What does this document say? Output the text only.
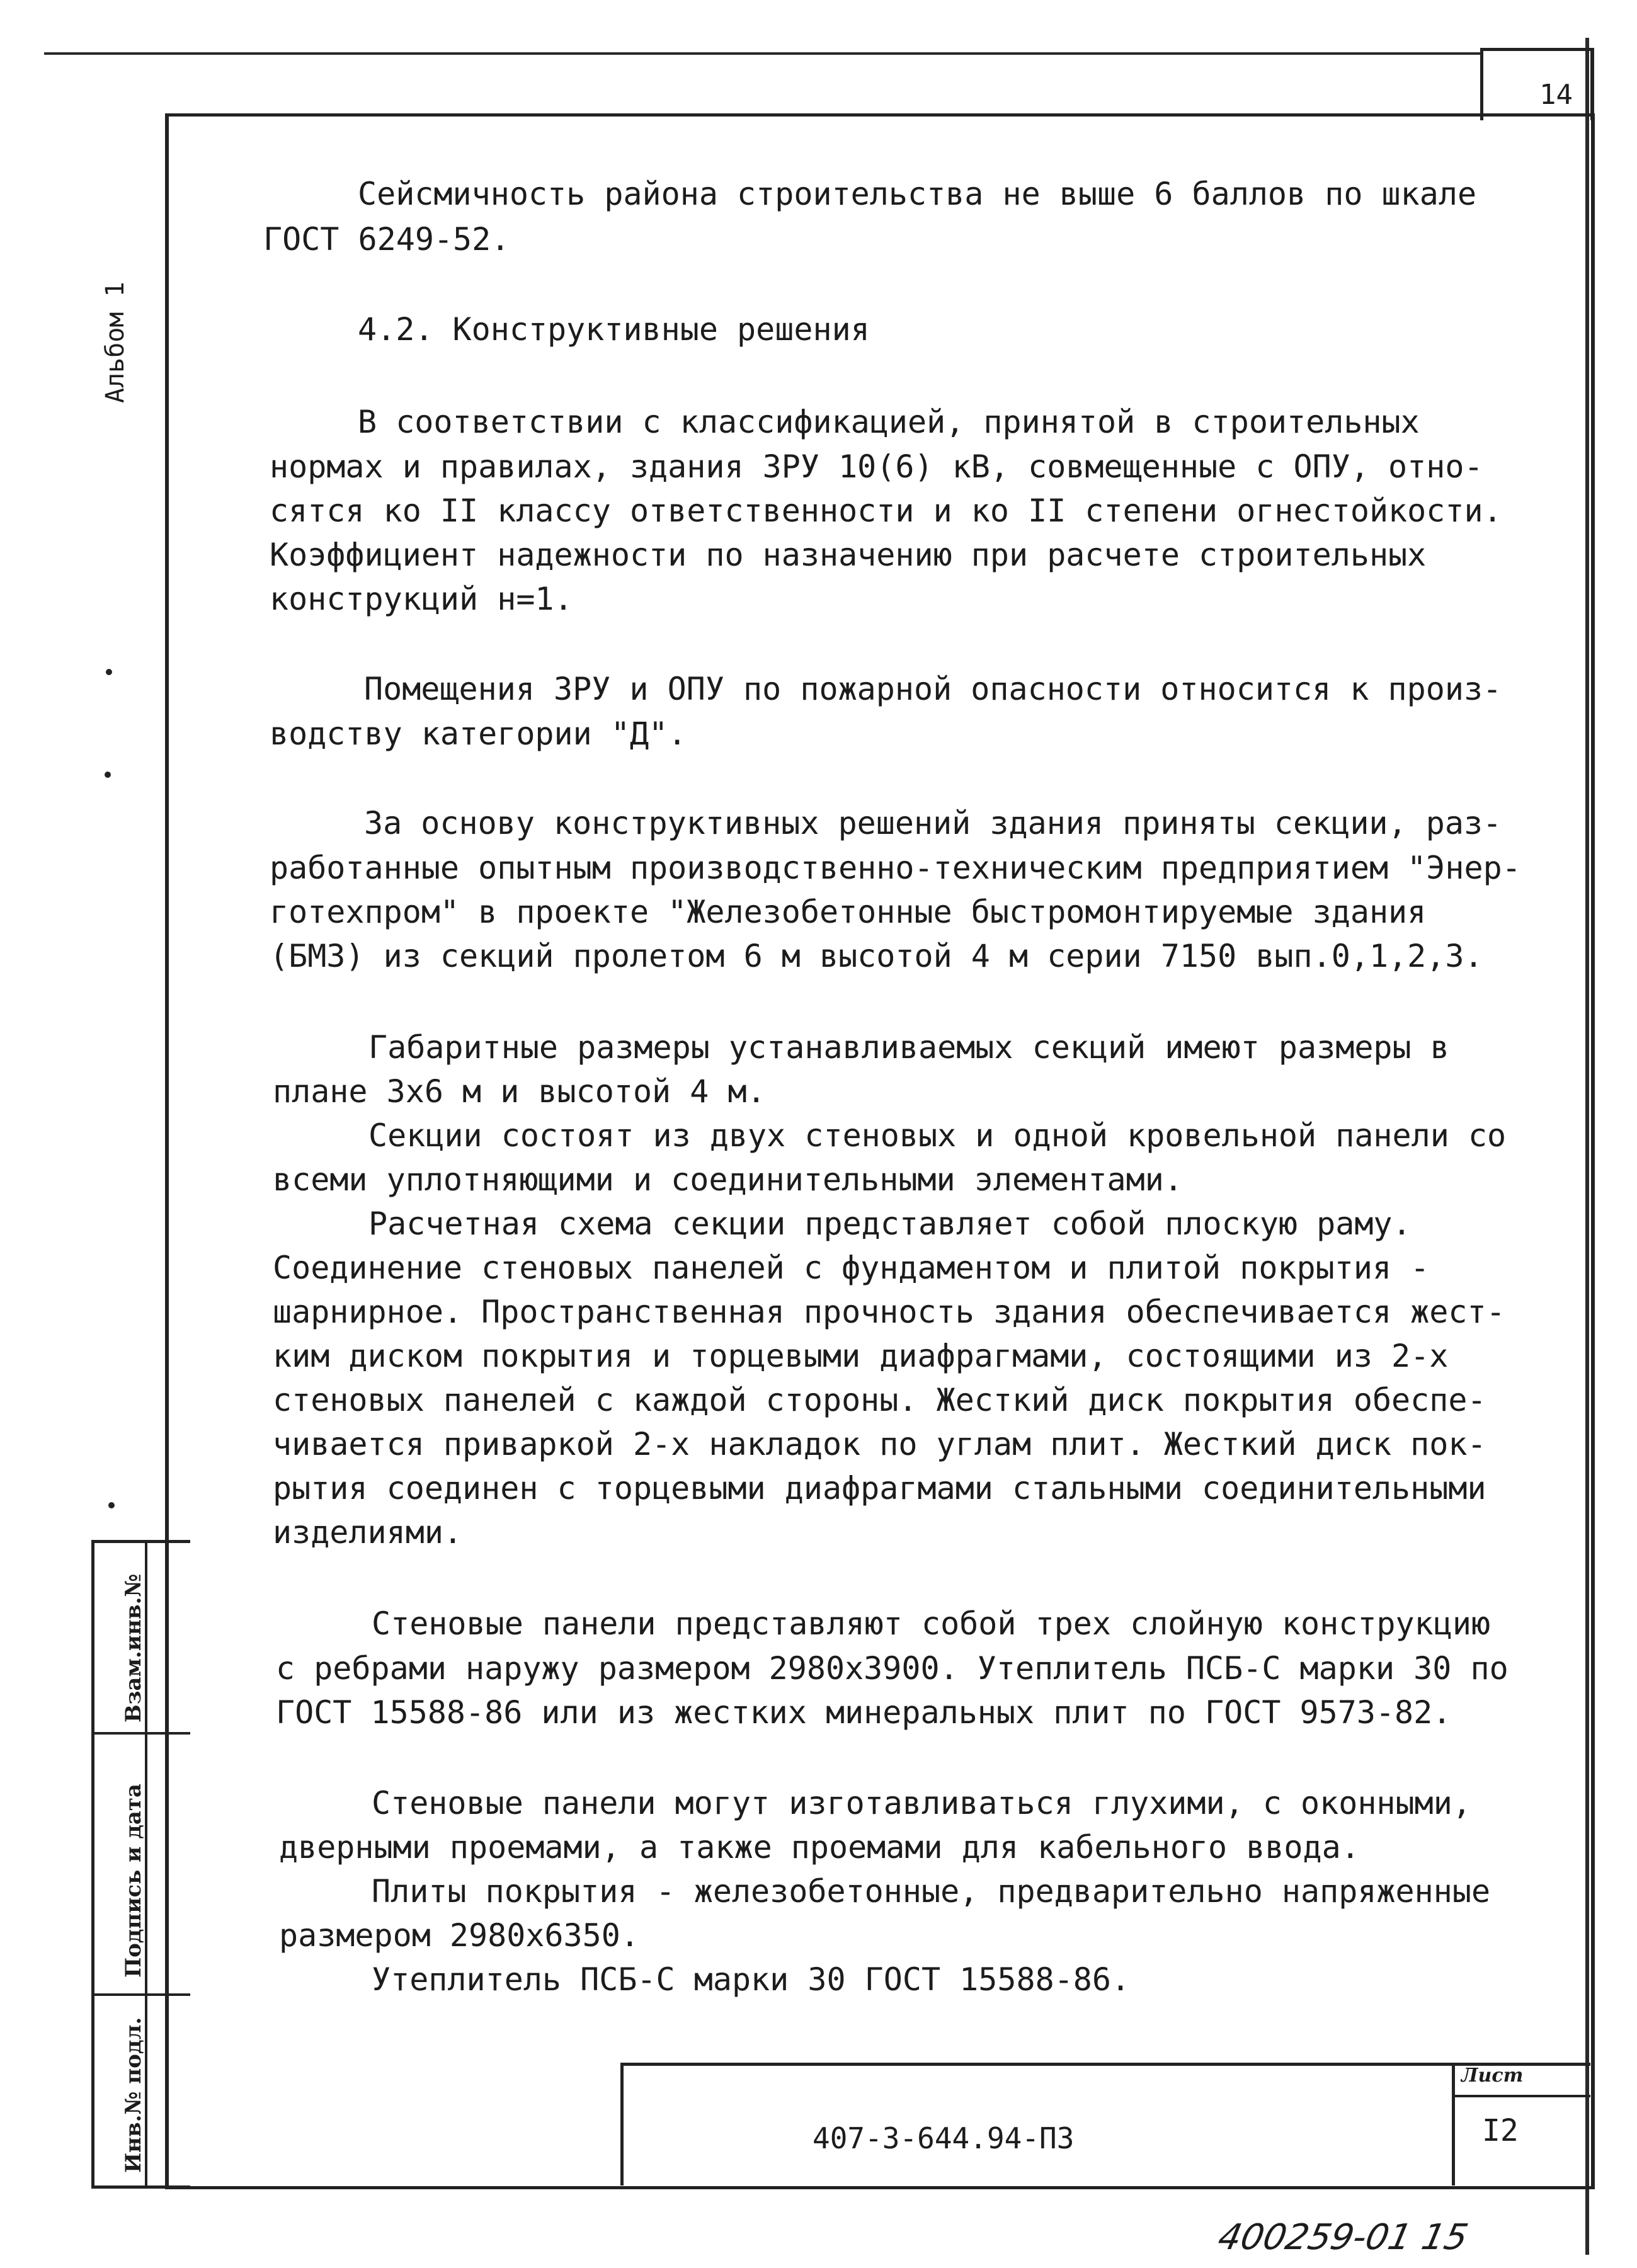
14
Альбом 1
Взам.инв.№
Подпись и дата
Инв.№ подл.	407-3-644.94-ПЗ
Лист
I2
400259-01 15
Сейсмичность района строительства не выше 6 баллов по шкале
ГОСТ 6249-52.
4.2. Конструктивные решения
В соответствии с классификацией, принятой в строительных
нормах и правилах, здания ЗРУ 10(6) кВ, совмещенные с ОПУ, отно-
сятся ко II классу ответственности и ко II степени огнестойкости.
Коэффициент надежности по назначению при расчете строительных
конструкций н=1.
Помещения ЗРУ и ОПУ по пожарной опасности относится к произ-
водству категории "Д".
За основу конструктивных решений здания приняты секции, раз-
работанные опытным производственно-техническим предприятием "Энер-
готехпром" в проекте "Железобетонные быстромонтируемые здания
(БМЗ) из секций пролетом 6 м высотой 4 м серии 7150 вып.0,1,2,3.
Габаритные размеры устанавливаемых секций имеют размеры в
плане 3х6 м и высотой 4 м.
Секции состоят из двух стеновых и одной кровельной панели со
всеми уплотняющими и соединительными элементами.
Расчетная схема секции представляет собой плоскую раму.
Соединение стеновых панелей с фундаментом и плитой покрытия -
шарнирное. Пространственная прочность здания обеспечивается жест-
ким диском покрытия и торцевыми диафрагмами, состоящими из 2-х
стеновых панелей с каждой стороны. Жесткий диск покрытия обеспе-
чивается приваркой 2-х накладок по углам плит. Жесткий диск пок-
рытия соединен с торцевыми диафрагмами стальными соединительными
изделиями.
Стеновые панели представляют собой трех слойную конструкцию
с ребрами наружу размером 2980х3900. Утеплитель ПСБ-С марки 30 по
ГОСТ 15588-86 или из жестких минеральных плит по ГОСТ 9573-82.
Стеновые панели могут изготавливаться глухими, с оконными,
дверными проемами, а также проемами для кабельного ввода.
Плиты покрытия - железобетонные, предварительно напряженные
размером 2980х6350.
Утеплитель ПСБ-С марки 30 ГОСТ 15588-86.
